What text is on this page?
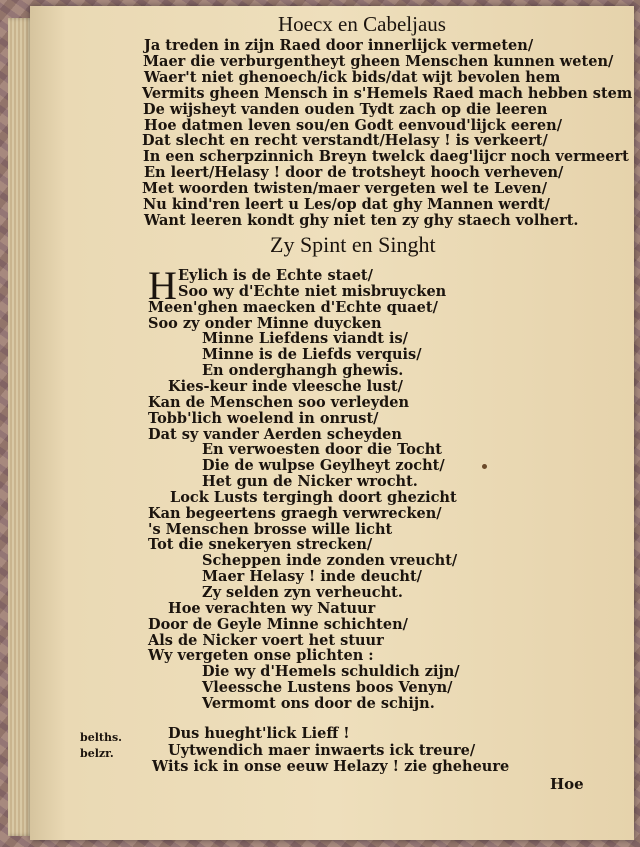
Hoecx en Cabeljaus
Ja treden in zijn Raed door innerlijck vermeten/
Maer die verburgentheyt gheen Menschen kunnen weten/
Waer't niet ghenoech/ick bids/dat wijt bevolen hem
Vermits gheen Mensch in s'Hemels Raed mach hebben stem
De wijsheyt vanden ouden Tydt zach op die leeren
Hoe datmen leven sou/en Godt eenvoud'lijck eeren/
Dat slecht en recht verstandt/Helasy ! is verkeert/
In een scherpzinnich Breyn twelck daeg'lijcr noch vermeert
En leert/Helasy ! door de trotsheyt hooch verheven/
Met woorden twisten/maer vergeten wel te Leven/
Nu kind'ren leert u Les/op dat ghy Mannen werdt/
Want leeren kondt ghy niet ten zy ghy staech volhert.
Zy Spint en Singht
H Eylich is de Echte staet/
Soo wy d'Echte niet misbruycken
Meen'ghen maecken d'Echte quaet/
Soo zy onder Minne duycken
Minne Liefdens viandt is/
Minne is de Liefds verquis/
En onderghangh ghewis.
Kies-keur inde vleesche lust/
Kan de Menschen soo verleyden
Tobb'lich woelend in onrust/
Dat sy vander Aerden scheyden
En verwoesten door die Tocht
Die de wulpse Geylheyt zocht/
Het gun de Nicker wrocht.
Lock Lusts tergingh doort ghezicht
Kan begeertens graegh verwrecken/
's Menschen brosse wille licht
Tot die snekeryen strecken/
Scheppen inde zonden vreucht/
Maer Helasy ! inde deucht/
Zy selden zyn verheucht.
Hoe verachten wy Natuur
Door de Geyle Minne schichten/
Als de Nicker voert het stuur
Wy vergeten onse plichten :
Die wy d'Hemels schuldich zijn/
Vleessche Lustens boos Venyn/
Vermomt ons door de schijn.
Dus hueght'lick Lieff !
Uytwendich maer inwaerts ick treure/
Wits ick in onse eeuw Helazy ! zie gheheure
belths.
belzr.
Hoe
